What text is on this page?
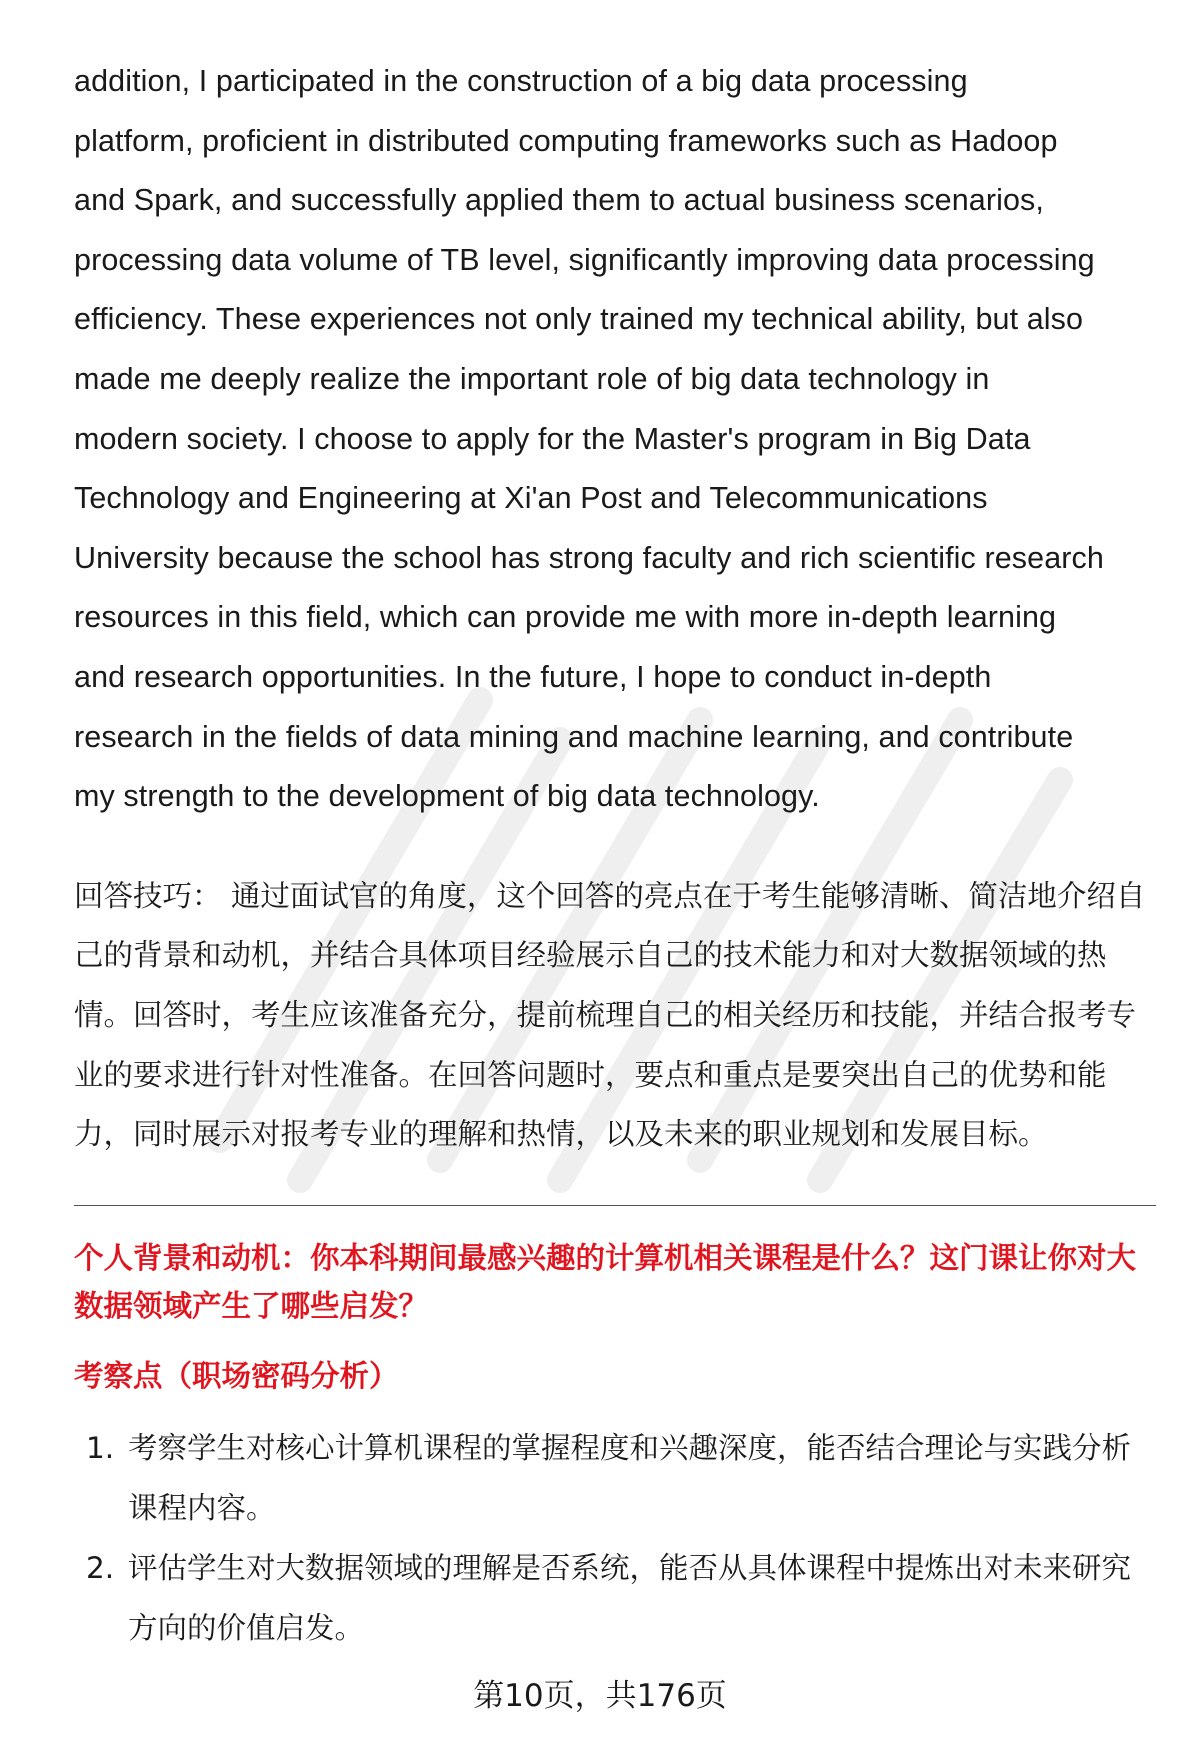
addition, I participated in the construction of a big data processing
platform, proficient in distributed computing frameworks such as Hadoop
and Spark, and successfully applied them to actual business scenarios,
processing data volume of TB level, significantly improving data processing
efficiency. These experiences not only trained my technical ability, but also
made me deeply realize the important role of big data technology in
modern society. I choose to apply for the Master's program in Big Data
Technology and Engineering at Xi'an Post and Telecommunications
University because the school has strong faculty and rich scientific research
resources in this field, which can provide me with more in-depth learning
and research opportunities. In the future, I hope to conduct in-depth
research in the fields of data mining and machine learning, and contribute
my strength to the development of big data technology.
回答技巧： 通过面试官的角度，这个回答的亮点在于考生能够清晰、简洁地介绍自
己的背景和动机，并结合具体项目经验展示自己的技术能力和对大数据领域的热
情。回答时，考生应该准备充分，提前梳理自己的相关经历和技能，并结合报考专
业的要求进行针对性准备。在回答问题时，要点和重点是要突出自己的优势和能
力，同时展示对报考专业的理解和热情，以及未来的职业规划和发展目标。
个人背景和动机：你本科期间最感兴趣的计算机相关课程是什么？这门课让你对大
数据领域产生了哪些启发？
考察点（职场密码分析）
1. 考察学生对核心计算机课程的掌握程度和兴趣深度，能否结合理论与实践分析
课程内容。
2. 评估学生对大数据领域的理解是否系统，能否从具体课程中提炼出对未来研究
方向的价值启发。
第10页，共176页
